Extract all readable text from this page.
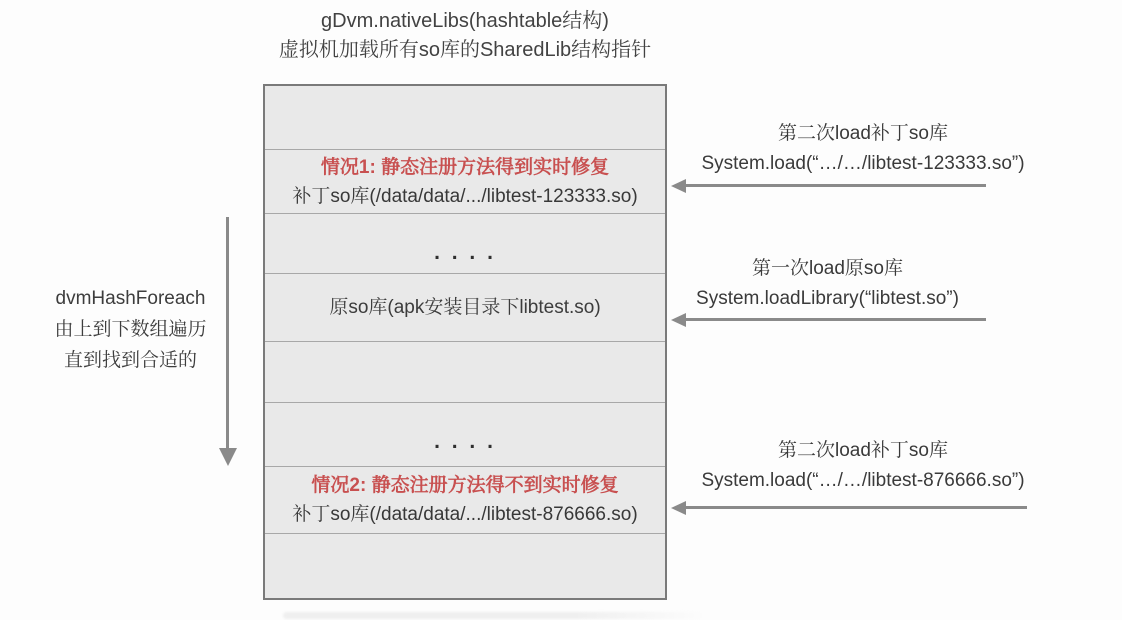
gDvm.nativeLibs(hashtable结构)
虚拟机加载所有so库的SharedLib结构指针
情况1: 静态注册方法得到实时修复
补丁so库(/data/data/.../libtest-123333.so)
. . . .
原so库(apk安装目录下libtest.so)
. . . .
情况2: 静态注册方法得不到实时修复
补丁so库(/data/data/.../libtest-876666.so)
dvmHashForeach
由上到下数组遍历
直到找到合适的
第二次load补丁so库
System.load(“…/…/libtest-123333.so”)
第一次load原so库
System.loadLibrary(“libtest.so”)
第二次load补丁so库
System.load(“…/…/libtest-876666.so”)
